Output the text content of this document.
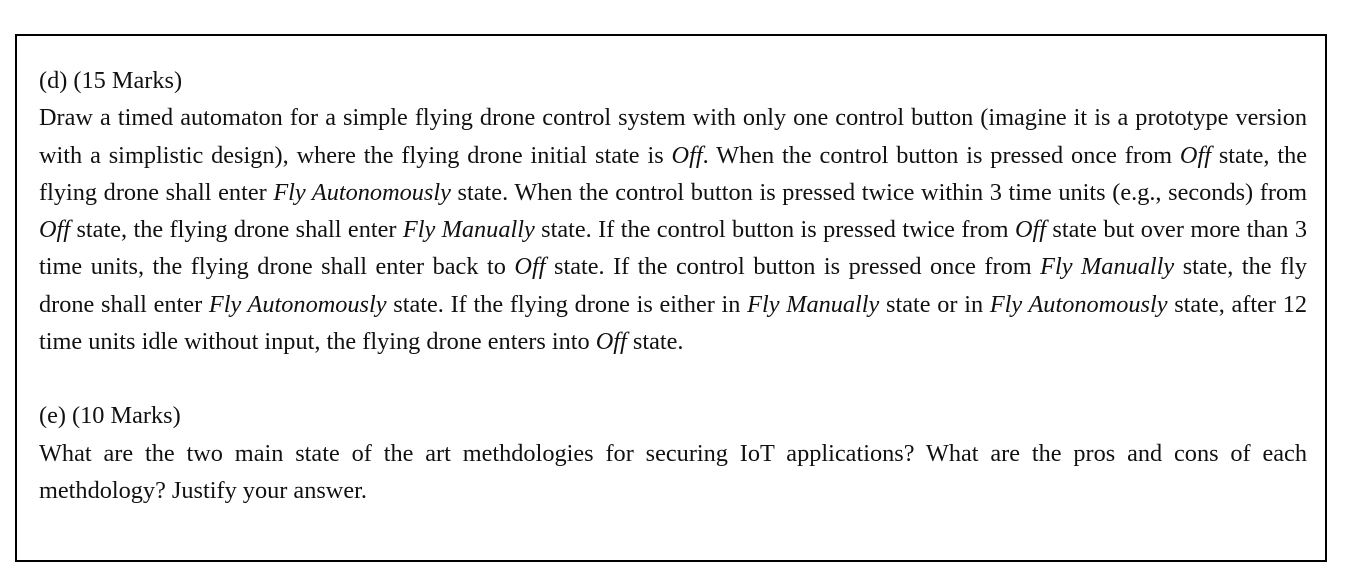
(d) (15 Marks)

Draw a timed automaton for a simple flying drone control system with only one control button (imagine it is a prototype version with a simplistic design), where the flying drone initial state is Off. When the control button is pressed once from Off state, the flying drone shall enter Fly Autonomously state. When the control button is pressed twice within 3 time units (e.g., seconds) from Off state, the flying drone shall enter Fly Manually state. If the control button is pressed twice from Off state but over more than 3 time units, the flying drone shall enter back to Off state. If the control button is pressed once from Fly Manually state, the fly drone shall enter Fly Autonomously state. If the flying drone is either in Fly Manually state or in Fly Autonomously state, after 12 time units idle without input, the flying drone enters into Off state.

(e) (10 Marks)

What are the two main state of the art methdologies for securing IoT applications? What are the pros and cons of each methdology? Justify your answer.
